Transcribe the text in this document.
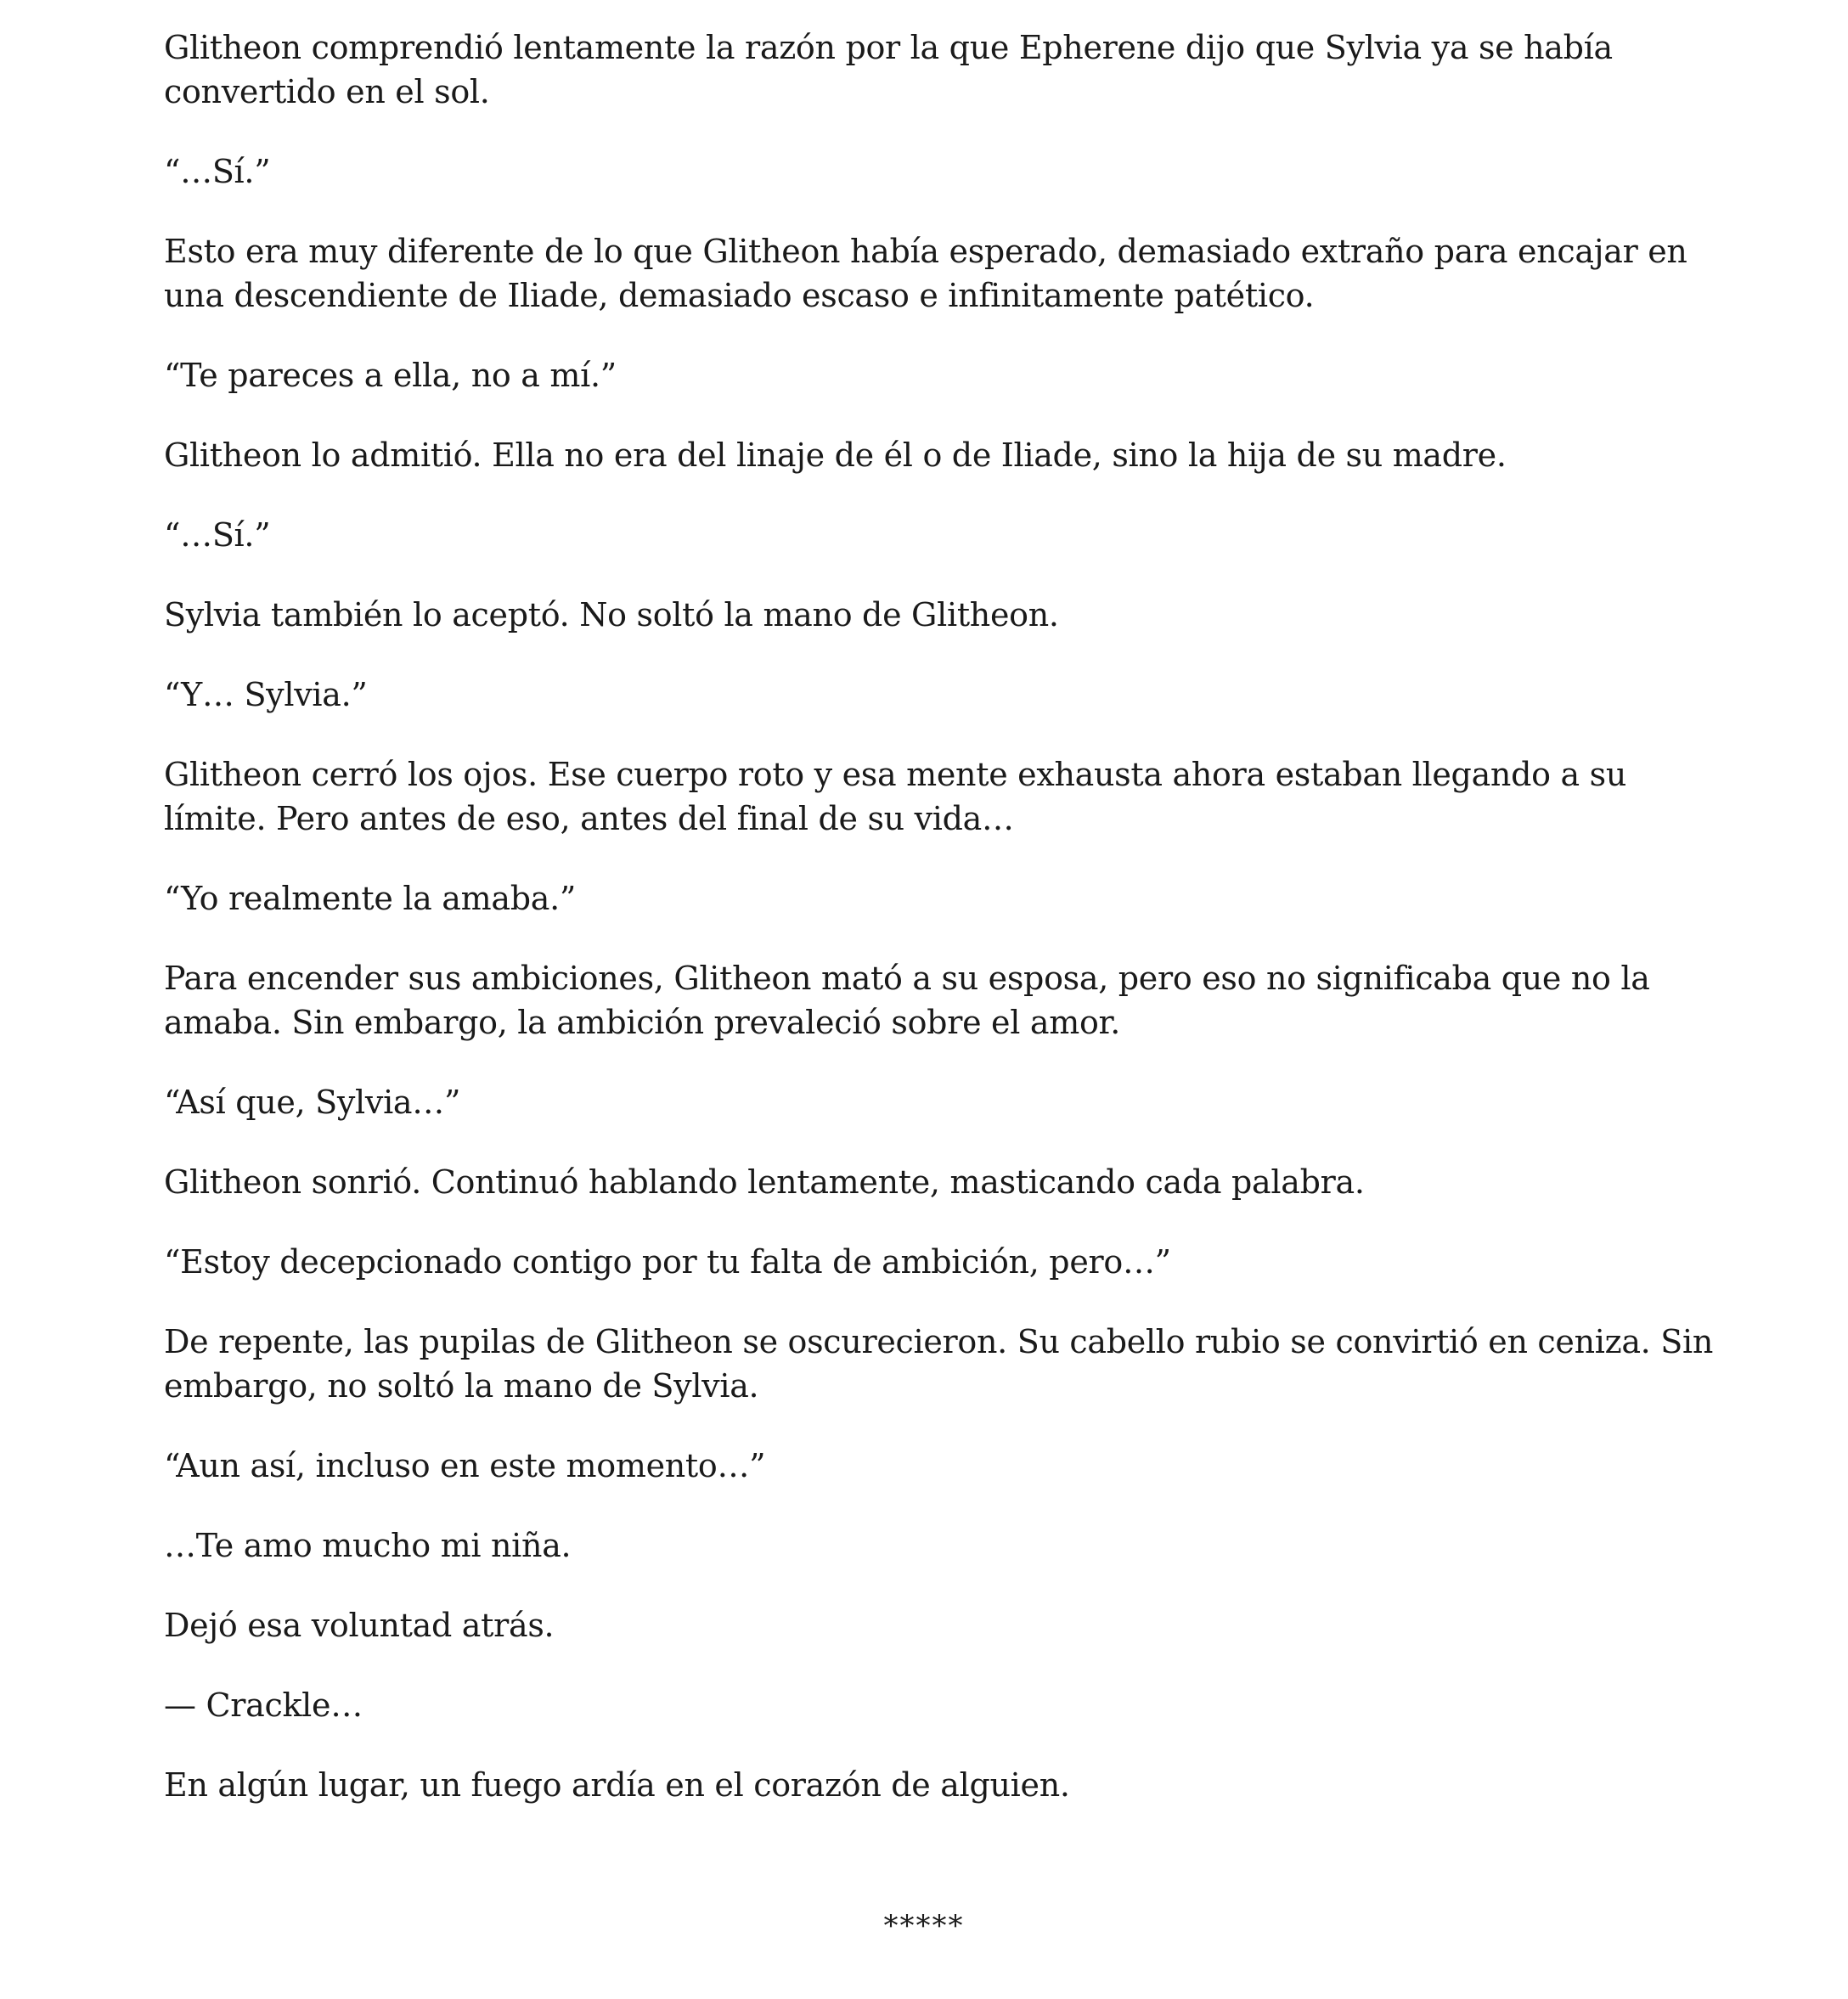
Glitheon comprendió lentamente la razón por la que Epherene dijo que Sylvia ya se había convertido en el sol.

“…Sí.”

Esto era muy diferente de lo que Glitheon había esperado, demasiado extraño para encajar en una descendiente de Iliade, demasiado escaso e infinitamente patético.

“Te pareces a ella, no a mí.”

Glitheon lo admitió. Ella no era del linaje de él o de Iliade, sino la hija de su madre.

“…Sí.”

Sylvia también lo aceptó. No soltó la mano de Glitheon.

“Y… Sylvia.”

Glitheon cerró los ojos. Ese cuerpo roto y esa mente exhausta ahora estaban llegando a su límite. Pero antes de eso, antes del final de su vida…

“Yo realmente la amaba.”

Para encender sus ambiciones, Glitheon mató a su esposa, pero eso no significaba que no la amaba. Sin embargo, la ambición prevaleció sobre el amor.

“Así que, Sylvia…”

Glitheon sonrió. Continuó hablando lentamente, masticando cada palabra.

“Estoy decepcionado contigo por tu falta de ambición, pero…”

De repente, las pupilas de Glitheon se oscurecieron. Su cabello rubio se convirtió en ceniza. Sin embargo, no soltó la mano de Sylvia.

“Aun así, incluso en este momento…”

…Te amo mucho mi niña.

Dejó esa voluntad atrás.

— Crackle…

En algún lugar, un fuego ardía en el corazón de alguien.

*****
